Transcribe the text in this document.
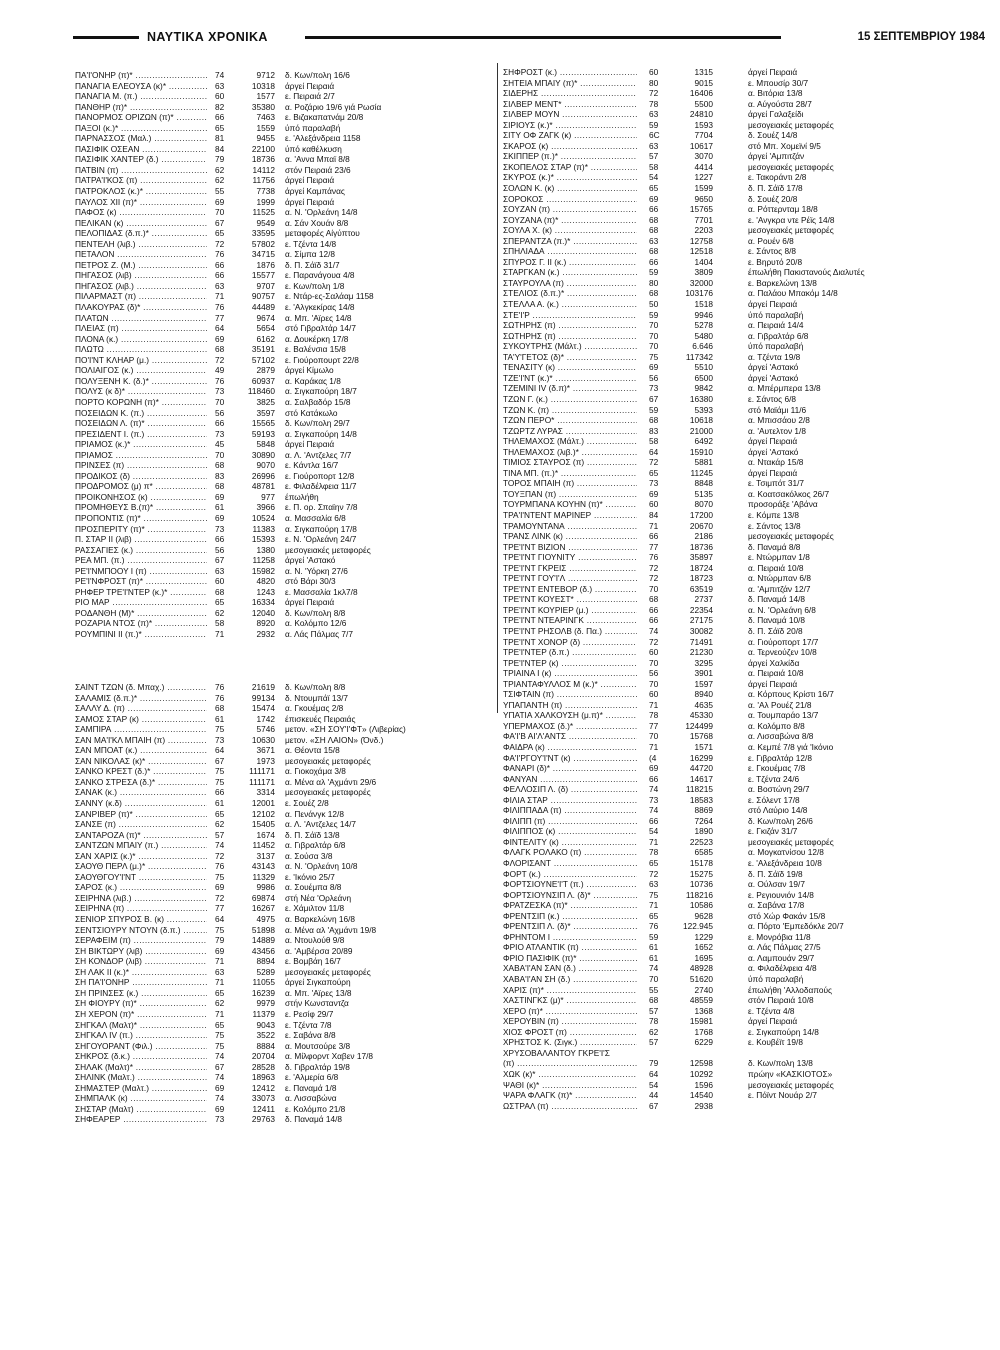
ΝΑΥΤΙΚΑ ΧΡΟΝΙΚΑ	15 ΣΕΠΤΕΜΒΡΙΟΥ 1984
ΠΑ'Ι'ΟΝΗΡ (π)* .....	74	9712 δ. Κων/πολη 16/6
ΠΑΝΑΓΙΑ ΕΛΕΟΥΣΑ (κ)* .....	63	10318 άργεί Πειραιά
ΠΑΝΑΓΙΑ Μ. (π.) .....	60	1577 ε. Πειραιά 2/7
ΠΑΝΘΗΡ (π)* .....	82	35380 α. Ροζάριο 19/6 γιά Ρωσία
ΠΑΝΟΡΜΟΣ ΟΡΙΖΩΝ (π)* .....	66	7463 ε. Βιζακαπατνάμ 20/8
ΠΑΞΟΙ (κ.)* .....	65	1559 ύπό παραλαβή
ΠΑΡΝΑΣΣΟΣ (Μαλ.) .....	81	9455 ε. 'Αλεξάνδρεια 1158
ΠΑΣΙΦΙΚ ΟΣΕΑΝ .....	84	22100 ύπό καθέλκυση
ΠΑΣΙΦΙΚ ΧΑΝΤΕΡ (δ.) .....	79	18736 α. 'Αννα Μπαϊ 8/8
ΠΑΤΒΙΝ (π) .....	62	14112 στόν Πειραιά 23/6
ΠΑΤΡΑ'Ι'ΚΟΣ (π) .....	62	11756 άργεί Πειραιά
ΠΑΤΡΟΚΛΟΣ (κ.)* .....	55	7738 άργεί Καμπάνας
ΠΑΥΛΟΣ ΧΙΙ (π)* .....	69	1999 άργεί Πειραιά
ΠΑΦΟΣ (κ) .....	70	11525 α. Ν. 'Ορλεάνη 14/8
ΠΕΛΙΚΑΝ (κ) .....	67	9549 α. Σάν Χουάν 8/8
ΠΕΛΟΠΙΔΑΣ (δ.π.)* .....	65	33595 μεταφορές Αίγύπτου
ΠΕΝΤΕΛΗ (λιβ.) .....	72	57802 ε. Τζέντα 14/8
ΠΕΤΑΛΟΝ .....	76	34715 α. Σίμπα 12/8
ΠΕΤΡΟΣ Ζ. (Μ.) .....	66	1876 δ. Π. Σάϊδ 31/7
ΠΗΓΑΣΟΣ (λιβ) .....	66	15577 ε. Παρανάγουα 4/8
ΠΗΓΑΣΟΣ (λιβ.) .....	63	9707 ε. Κων/πολη 1/8
ΠΙΛΑΡΜΑΣΤ (π) .....	71	90757 ε. Ντάρ-ες-Σαλάαμ 1158
ΠΛΑΚΟΥΡΑΣ (δ)* .....	76	44489 ε. 'Αλγκεκίρας 14/8
ΠΛΑΤΩΝ .....	77	9674 α. Μπ. 'Αϊρες 14/8
ΠΛΕΙΑΣ (π) .....	64	5654 στό Γιβραλτάρ 14/7
ΠΛΟΝΑ (κ.) .....	69	6162 α. Δουκέρκη 17/8
ΠΛΩΤΩ .....	68	35191 ε. Βαλένσια 15/8
ΠΟ'Ι'ΝΤ ΚΛΗΑΡ (μ.) .....	72	57102 ε. Γιούροπουρτ 22/8
ΠΟΛΙΑΙΓΟΣ (κ.) .....	49	2879 άργεί Κίμωλο
ΠΟΛΥΞΕΝΗ Κ. (δ.)* .....	76	60937 α. Καράκας 1/8
ΠΟΛΥΣ (κ δ)* .....	73	118460 α. Σιγκαπούρη 18/7
ΠΟΡΤΟ ΚΟΡΩΝΗ (π)* .....	70	3825 α. Σαλβαδόρ 15/8
ΠΟΣΕΙΔΩΝ Κ. (π.) .....	56	3597 στό Κατάκωλο
ΠΟΣΕΙΔΩΝ Λ. (π)* .....	66	15565 δ. Κων/πολη 29/7
ΠΡΕΣΙΔΕΝΤ Ι. (π.) .....	73	59193 α. Σιγκαπούρη 14/8
ΠΡΙΑΜΟΣ (κ.)* .....	45	5848 άργεί Πειραιά
ΠΡΙΑΜΟΣ .....	70	30890 α. Λ. 'Αντζελες 7/7
ΠΡΙΝΣΕΣ (π) .....	68	9070 ε. Κάντλα 16/7
ΠΡΟΔΙΚΟΣ (δ) .....	83	26996 ε. Γιούροπορτ 12/8
ΠΡΟΔΡΟΜΟΣ (μ) π* .....	68	48781 ε. Φιλαδέλφεια 11/7
ΠΡΟΙΚΟΝΗΣΟΣ (κ) .....	69	977 έπωλήθη
ΠΡΟΜΗΘΕΥΣ Β.(π)* .....	61	3966 ε. Π. ορ. Σπαϊην 7/8
ΠΡΟΠΟΝΤΙΣ (π)* .....	69	10524 α. Μασσαλία 6/8
ΠΡΟΣΠΕΡΙΤΥ (π)* .....	73	11383 α. Σιγκαπούρη 17/8
Π. ΣΤΑΡ ΙΙ (λιβ) .....	66	15393 ε. Ν. 'Ορλεάνη 24/7
ΡΑΣΣΑΓΙΕΣ (κ.) .....	56	1380 μεσογειακές μεταφορές
ΡΕΑ ΜΠ. (π.) .....	67	11258 άργεί 'Αστακό
ΡΕ'Ι'ΝΜΠΟΟΥ Ι (π) .....	63	15982 α. Ν. 'Υόρκη 27/6
ΡΕ'Ι'ΝΦΡΟΣΤ (π)* .....	60	4820 στό Βάρι 30/3
ΡΗΦΕΡ ΤΡΕ'Ι'ΝΤΕΡ (κ.)* .....	68	1243 ε. Μασσαλία 1κλ7/8
ΡΙΟ ΜΑΡ .....	65	16334 άργεί Πειραιά
ΡΟΔΑΝΘΗ (Μ)* .....	62	12040 δ. Κων/πολη 8/8
ΡΟΖΑΡΙΑ ΝΤΟΣ (π)* .....	58	8920 α. Κολόμπο 12/6
ΡΟΥΜΠΙΝΙ ΙΙ (π.)* .....	71	2932 α. Λάς Πάλμας 7/7
ΣΑΙΝΤ ΤΖΩΝ (δ. Μπαχ.) .....	76	21619 δ. Κων/πολη 8/8
ΣΑΛΑΜΙΣ (δ.π.)* .....	76	99134 δ. Ντουμπάϊ 13/7
ΣΑΛΛΥ Δ. (π) .....	68	15474 α. Γκουέμας 2/8
ΣΑΜΟΣ ΣΤΑΡ (κ) .....	61	1742 έπισκευές Πειραιάς
ΣΑΜΠΙΡΑ .....	75	5746 μετον. «ΣΗ ΣΟΥ'Ι'ΦΤ» (Λιβερίας)
ΣΑΝ ΜΑ'Ι'ΚΛ ΜΠΑΙΗ (π) .....	73	10630 μετον. «ΣΗ ΛΑΙΟΝ» (Όνδ.)
ΣΑΝ ΜΠΟΑΤ (κ.) .....	64	3671 α. Θέοντα 15/8
ΣΑΝ ΝΙΚΟΛΑΣ (κ)* .....	67	1973 μεσογειακές μεταφορές
ΣΑΝΚΟ ΚΡΕΣΤ (δ.)* .....	75	111171 α. Γιοκοχάμα 3/8
ΣΑΝΚΟ ΣΤΡΕΣΑ (δ.)* .....	75	111171 α. Μένα αλ 'Αχμάντι 29/6
ΣΑΝΑΚ (κ.) .....	66	3314 μεσογειακές μεταφορές
ΣΑΝΝΥ (κ.δ) .....	61	12001 ε. Σουέζ 2/8
ΣΑΝΡΙΒΕΡ (π)* .....	65	12102 α. Πενάνγκ 12/8
ΣΑΝΣΕ (π) .....	62	15405 α. Λ. 'Αντζελες 14/7
ΣΑΝΤΑΡΟΖΑ (π)* .....	57	1674 δ. Π. Σάϊδ 13/8
ΣΑΝΤΖΩΝ ΜΠΑΙΥ (π.) .....	74	11452 α. Γιβραλτάρ 6/8
ΣΑΝ ΧΑΡΙΣ (κ.)* .....	72	3137 α. Σούσα 3/8
ΣΑΟΥΘ ΠΕΡΛ (μ.)* .....	76	43143 α. Ν. 'Ορλεάνη 10/8
ΣΑΟΥΘΓΟΥ'Ι'ΝΤ .....	75	11329 ε. 'Ικόνιο 25/7
ΣΑΡΟΣ (κ.) .....	69	9986 α. Σουέμπα 8/8
ΣΕΙΡΗΝΑ (λιβ.) .....	72	69874 στή Νέα 'Ορλεάνη
ΣΕΙΡΗΝΑ (π) .....	77	16267 ε. Χάμιλτον 11/8
ΣΕΝΙΟΡ ΣΠΥΡΟΣ Β. (κ) .....	64	4975 α. Βαρκελώνη 16/8
ΣΕΝΤΣΙΟΥΡΥ ΝΤΟΥΝ (δ.π.) .....	75	51898 α. Μένα αλ 'Αχμάντι 19/8
ΣΕΡΑΦΕΙΜ (π) .....	79	14889 α. Ντουλούθ 9/8
ΣΗ ΒΙΚΤΩΡΥ (λιβ) .....	69	43456 α. 'Αμβέρσα 20/89
ΣΗ ΚΟΝΔΟΡ (λιβ) .....	71	8894 ε. Βομβάη 16/7
ΣΗ ΛΑΚ ΙΙ (κ.)* .....	63	5289 μεσογειακές μεταφορές
ΣΗ ΠΑ'Ι'ΟΝΗΡ .....	71	11055 άργεί Σιγκαπούρη
ΣΗ ΠΡΙΝΣΕΣ (κ.) .....	65	16239 α. Μπ. 'Αϊρες 13/8
ΣΗ ΦΙΟΥΡΥ (π)* .....	62	9979 στήν Κωνσταντζα
ΣΗ ΧΕΡΟΝ (π)* .....	71	11379 ε. Ρεσίφ 29/7
ΣΗΓΚΑΛ (Μαλτ)* .....	65	9043 ε. Τζέντα 7/8
ΣΗΓΚΑΛ ΙV (π.) .....	75	3522 ε. Σαβάνα 8/8
ΣΗΓΟΥΟΡΑΝΤ (Φιλ.) .....	75	8884 α. Μουτσούρε 3/8
ΣΗΚΡΟΣ (δ.κ.) .....	74	20704 α. Μίλφορντ Χαβεν 17/8
ΣΗΛΑΚ (Μαλτ)* .....	67	28528 δ. Γιβραλτάρ 19/8
ΣΗΛΙΝΚ (Μαλτ.) .....	74	18963 ε. 'Αλμερία 6/8
ΣΗΜΑΣΤΕΡ (Μαλτ.) .....	69	12412 ε. Παναμά 1/8
ΣΗΜΠΑΛΚ (κ) .....	74	33073 α. Λισσαβώνα
ΣΗΣΤΑΡ (Μαλτ) .....	69	12411 ε. Κολόμπο 21/8
ΣΗΦΕΑΡΕΡ .....	73	29763 δ. Παναμά 14/8
ΣΗΦΡΟΣΤ (κ.) .....	60	1315	άργεί Πειραιά
ΣΗΤΕΙΑ ΜΠΑΙΥ (π)* .....	80	9015	ε. Μπουσίρ 30/7
ΣΙΔΕΡΗΣ .....	72	16406	α. Βιτόρια 13/8
ΣΙΛΒΕΡ ΜΕΝΤ* .....	78	5500	α. Αύγούστα 28/7
ΣΙΛΒΕΡ ΜΟΥΝ .....	63	24810	άργεί Γαλαξείδι
ΣΙΡΙΟΥΣ (κ.)* .....	59	1593	μεσογειακές μεταφορές
ΣΙΤΥ ΟΦ ΖΑΓΚ (κ) .....	6C	7704	δ. Σουέζ 14/8
ΣΚΑΡΟΣ (κ) .....	63	10617	στό Μπ. Χομεϊνί 9/5
ΣΚΙΠΠΕΡ (π.)* .....	57	3070	άργεί 'Αμπιτζάν
ΣΚΟΠΕΛΟΣ ΣΤΑΡ (π)* .....	58	4414	μεσογειακές μεταφορές
ΣΚΥΡΟΣ (κ.)* .....	54	1227	ε. Τακοράντι 2/8
ΣΟΛΩΝ Κ. (κ) .....	65	1599	δ. Π. Σάϊδ 17/8
ΣΟΡΟΚΟΣ .....	69	9650	δ. Σουέζ 20/8
ΣΟΥΖΑΝ (π) .....	66	15765	α. Ρόττερνταμ 18/8
ΣΟΥΖΑΝΑ (π)* .....	68	7701	ε. 'Ανγκρα ντε Ρέϊς 14/8
ΣΟΥΛΑ Χ. (κ) .....	68	2203	μεσογειακές μεταφορές
ΣΠΕΡΑΝΤΖΑ (π.)* .....	63	12758	α. Ρουέν 6/8
ΣΠΗΛΙΑΔΑ .....	68	12518	ε. Σάντος 8/8
ΣΠΥΡΟΣ Γ. ΙΙ (κ.) .....	66	1404	ε. Βηρυτό 20/8
ΣΤΑΡΓΚΑΝ (κ.) .....	59	3809	έπωλήθη Πακιστανούς Διαλυτές
ΣΤΑΥΡΟΥΛΑ (π) .....	80	32000	ε. Βαρκελώνη 13/8
ΣΤΕΛΙΟΣ (δ.π.)* .....	68	103176	α. Παλάου Μπακόμ 14/8
ΣΤΕΛΛΑ Α. (κ.) .....	50	1518	άργεί Πειραιά
ΣΤΕ'Ι'Ρ .....	59	9946	ύπό παραλαβή
ΣΩΤΗΡΗΣ (π) .....	70	5278	α. Πειραιά 14/4
ΣΩΤΗΡΗΣ (π) .....	70	5480	α. Γιβραλτάρ 6/8
ΣΥΚΟΥΤΡΗΣ (Μάλτ.) .....	70	6.646	ύπό παραλαβή
ΤΑ'Υ'ΓΕΤΟΣ (δ)* .....	75	117342	α. Τζέντα 19/8
ΤΕΝΑΣΙΤΥ (κ) .....	69	5510	άργεί 'Αστακό
ΤΖΕ'Ι'ΝΤ (κ.)* .....	56	6500	άργεί 'Αστακό
ΤΖΕΜΙΝΙ ΙV (δ.π)* .....	73	9842	α. Μπέρμπερα 13/8
ΤΖΩΝ Γ. (κ.) .....	67	16380	ε. Σάντος 6/8
ΤΖΩΝ Κ. (π) .....	59	5393	στό Μαϊάμι 11/6
ΤΖΩΝ ΠΕΡΟ* .....	68	10618	α. Μπισσάου 2/8
ΤΖΩΡΤΖ ΛΥΡΑΣ .....	83	21000	α. 'Αυτελτον 1/8
ΤΗΛΕΜΑΧΟΣ (Μάλτ.) .....	58	6492	άργεί Πειραιά
ΤΗΛΕΜΑΧΟΣ (λιβ.)* .....	64	15910	άργεί 'Αστακό
ΤΙΜΙΟΣ ΣΤΑΥΡΟΣ (π) .....	72	5881	α. Ντακάρ 15/8
ΤΙΝΑ ΜΠ. (π.)* .....	65	11245	άργεί Πειραιά
ΤΟΡΟΣ ΜΠΑΙΗ (π) .....	73	8848	ε. Τσιμπότ 31/7
ΤΟΥΞΠΑΝ (π) .....	69	5135	α. Κοατσακόλκος 26/7
ΤΟΥΡΜΠΑΝΑ ΚΟΥΗΝ (π)* .....	60	8070	προσοράξε 'Αβάνα
ΤΡΑ'Ι'ΝΤΕΝΤ ΜΑΡΙΝΕΡ .....	84	17200	ε. Κόμπε 13/8
ΤΡΑΜΟΥΝΤΑΝΑ .....	71	20670	ε. Σάντος 13/8
ΤΡΑΝΣ ΛΙΝΚ (κ) .....	66	2186	μεσογειακές μεταφορές
ΤΡΕ'Ι'ΝΤ ΒΙΖΙΟΝ .....	77	18736	δ. Παναμά 8/8
ΤΡΕ'Ι'ΝΤ ΓΙΟΥΝΙΤΥ .....	76	35897	ε. Ντώρμπαν 1/8
ΤΡΕ'Ι'ΝΤ ΓΚΡΕΙΣ .....	72	18724	α. Πειραιά 10/8
ΤΡΕ'Ι'ΝΤ ΓΟΥ'Ι'Λ .....	72	18723	α. Ντώρμπαν 6/8
ΤΡΕ'Ι'ΝΤ ΕΝΤΕΒΟΡ (δ.) .....	70	63519	α. 'Αμπιτζάν 12/7
ΤΡΕ'Ι'ΝΤ ΚΟΥΕΣΤ* .....	68	2737	δ. Παναμά 14/8
ΤΡΕ'Ι'ΝΤ ΚΟΥΡΙΕΡ (μ.) .....	66	22354	α. Ν. 'Ορλεάνη 6/8
ΤΡΕ'Ι'ΝΤ ΝΤΕΑΡΙΝΓΚ .....	66	27175	δ. Παναμά 10/8
ΤΡΕ'Ι'ΝΤ ΡΗΣΟΛΒ (δ. Πα.) .....	74	30082	δ. Π. Σάϊδ 20/8
ΤΡΕ'Ι'ΝΤ ΧΟΝΟΡ (δ) .....	72	71491	α. Γιούροπορτ 17/7
ΤΡΕ'Ι'ΝΤΕΡ (δ.π.) .....	60	21230	α. Τερνεούζεν 10/8
ΤΡΕ'Ι'ΝΤΕΡ (κ) .....	70	3295	άργεί Χαλκίδα
ΤΡΙΑΙΝΑ Ι (κ) .....	56	3901	α. Πειραιά 10/8
ΤΡΙΑΝΤΑΦΥΛΛΟΣ Μ (κ.)* .....	70	1597	άργεί Πειραιά
ΤΣΙΦΤΑΙΝ (π) .....	60	8940	α. Κόρπους Κρίστι 16/7
ΥΠΑΠΑΝΤΗ (π) .....	71	4635	α. 'Αλ Ρουέζ 21/8
ΥΠΑΤΙΑ ΧΑΛΚΟΥΣΗ (μ.π)* .....	78	45330	α. Τουμπαράο 13/7
ΥΠΕΡΜΑΧΟΣ (δ.)* .....	77	124499	α. Κολόμπο 8/8
ΦΑ'Ι'Β ΑΙ'Λ'ΑΝΤΣ .....	70	15768	α. Λισσαβώνα 8/8
ΦΑΙΔΡΑ (κ) .....	71	1571	α. Κεμπέ 7/8 γιά 'Ικόνιο
ΦΑ'Ι'ΡΓΟΥ'Ι'ΝΤ (κ) .....	(4	16299	ε. Γιβραλτάρ 12/8
ΦΑΝΑΡΙ (δ)* .....	69	44720	ε. Γκουέμας 7/8
ΦΑΝΥΑΝ .....	66	14617	ε. Τζέντα 24/6
ΦΕΛΛΟΣΙΠ Λ. (δ) .....	74	118215	α. Βοστώνη 29/7
ΦΙΛΙΑ ΣΤΑΡ .....	73	18583	ε. Σόλεντ 17/8
ΦΙΛΙΠΠΑΔΑ (π) .....	74	8869	στό Λαύριο 14/8
ΦΙΛΙΠΠ (π) .....	66	7264	δ. Κων/πολη 26/6
ΦΙΛΙΠΠΟΣ (κ) .....	54	1890	ε. Γκιζάν 31/7
ΦΙΝΤΕΛΙΤΥ (κ) .....	71	22523	μεσογειακές μεταφορές
ΦΛΑΓΚ ΡΟΛΑΚΟ (π) .....	78	6585	α. Μογκατνίσου 12/8
ΦΛΟΡΙΣΑΝΤ .....	65	15178	ε. 'Αλεξάνδρεια 10/8
ΦΟΡΤ (κ.) .....	72	15275	δ. Π. Σάϊδ 19/8
ΦΟΡΤΣΙΟΥΝΕ'Ι'Τ (π.) .....	63	10736	α. Ούλσαν 19/7
ΦΟΡΤΣΙΟΥΝΣΙΠ Λ. (δ)* .....	75	118216	ε. Ρεγιουνιόν 14/8
ΦΡΑΤΖΕΣΚΑ (π)* .....	71	10586	α. Σαβάνα 17/8
ΦΡΕΝΤΣΙΠ (κ.) .....	65	9628	στό Χώρ Φακάν 15/8
ΦΡΕΝΤΣΙΠ Λ. (δ)* .....	76	122.945	α. Πόρτο 'Εμπεδόκλε 20/7
ΦΡΗΝΤΟΜ Ι .....	59	1229	ε. Μονρόβια 11/8
ΦΡΙΟ ΑΤΛΑΝΤΙΚ (π) .....	61	1652	α. Λάς Πάλμας 27/5
ΦΡΙΟ ΠΑΣΙΦΙΚ (π)* .....	61	1695	α. Λαμπουάν 29/7
ΧΑΒΑ'Ι'ΑΝ ΣΑΝ (δ.) .....	74	48928	α. Φιλαδέλφεια 4/8
ΧΑΒΑ'Ι'ΑΝ ΣΗ (δ.) .....	70	51620	ύπό παραλαβή
ΧΑΡΙΣ (π)* .....	55	2740	έπωλήθη 'Αλλοδαπούς
ΧΑΣΤΙΝΓΚΣ (μ)* .....	68	48559	στόν Πειραιά 10/8
ΧΕΡΟ (π)* .....	57	1368	ε. Τζέντα 4/8
ΧΕΡΟΥΒΙΝ (π) .....	78	15981	άργεί Πειραιά
ΧΙΟΣ ΦΡΟΣΤ (π) .....	62	1768	ε. Σιγκαπούρη 14/8
ΧΡΗΣΤΟΣ Κ. (Σιγκ.) .....	57	6229	ε. Κουβέϊτ 19/8
ΧΡΥΣΟΒΑΛΑΝΤΟΥ ΓΚΡΕ'Ι'Σ
(π) .....	79	12598	δ. Κων/πολη 13/8
ΧΩΚ (κ)* .....	64	10292	πρώην «ΚΑΣΚΙΟΤΟΣ»
ΨΑΘΙ (κ)* .....	54	1596	μεσογειακές μεταφορές
ΨΑΡΑ ΦΛΑΓΚ (π)* .....	44	14540	ε. Πόϊντ Νουάρ 2/7
ΩΣΤΡΑΛ (π) .....	67	2938
